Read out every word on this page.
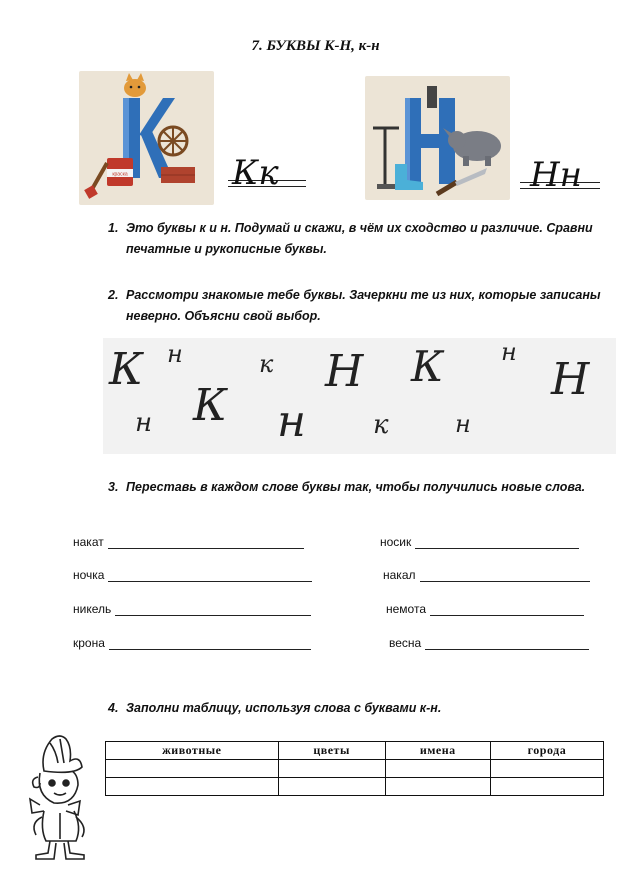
7. БУКВЫ К-Н, к-н
краска	Кк	Нн
1. Это буквы к и н. Подумай и скажи, в чём их сходство и различие. Сравни печатные и рукописные буквы.
2. Рассмотри знакомые тебе буквы. Зачеркни те из них, которые записаны неверно. Объясни свой выбор.
К н	к Н К н
Н
н К н	к	н
3. Переставь в каждом слове буквы так, чтобы получились новые слова.
накат
ночка
никель
крона
носик
накал
немота
весна
4. Заполни таблицу, используя слова с буквами к-н.
животные	цветы	имена	города
